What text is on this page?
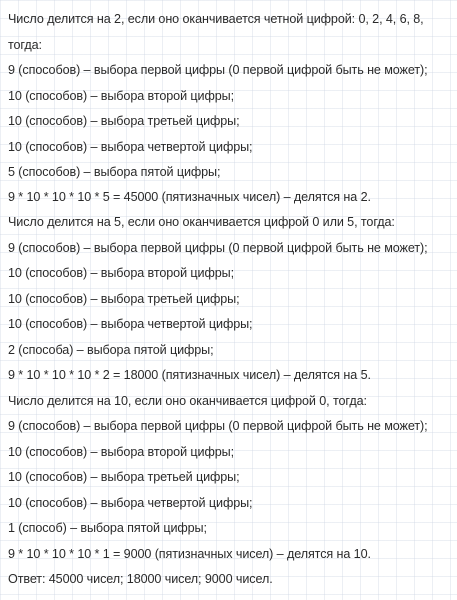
Число делится на 2, если оно оканчивается четной цифрой: 0, 2, 4, 6, 8,
тогда:
9 (способов) – выбора первой цифры (0 первой цифрой быть не может);
10 (способов) – выбора второй цифры;
10 (способов) – выбора третьей цифры;
10 (способов) – выбора четвертой цифры;
5 (способов) – выбора пятой цифры;
9 * 10 * 10 * 10 * 5 = 45000 (пятизначных чисел) – делятся на 2.
Число делится на 5, если оно оканчивается цифрой 0 или 5, тогда:
9 (способов) – выбора первой цифры (0 первой цифрой быть не может);
10 (способов) – выбора второй цифры;
10 (способов) – выбора третьей цифры;
10 (способов) – выбора четвертой цифры;
2 (способа) – выбора пятой цифры;
9 * 10 * 10 * 10 * 2 = 18000 (пятизначных чисел) – делятся на 5.
Число делится на 10, если оно оканчивается цифрой 0, тогда:
9 (способов) – выбора первой цифры (0 первой цифрой быть не может);
10 (способов) – выбора второй цифры;
10 (способов) – выбора третьей цифры;
10 (способов) – выбора четвертой цифры;
1 (способ) – выбора пятой цифры;
9 * 10 * 10 * 10 * 1 = 9000 (пятизначных чисел) – делятся на 10.
Ответ: 45000 чисел; 18000 чисел; 9000 чисел.
